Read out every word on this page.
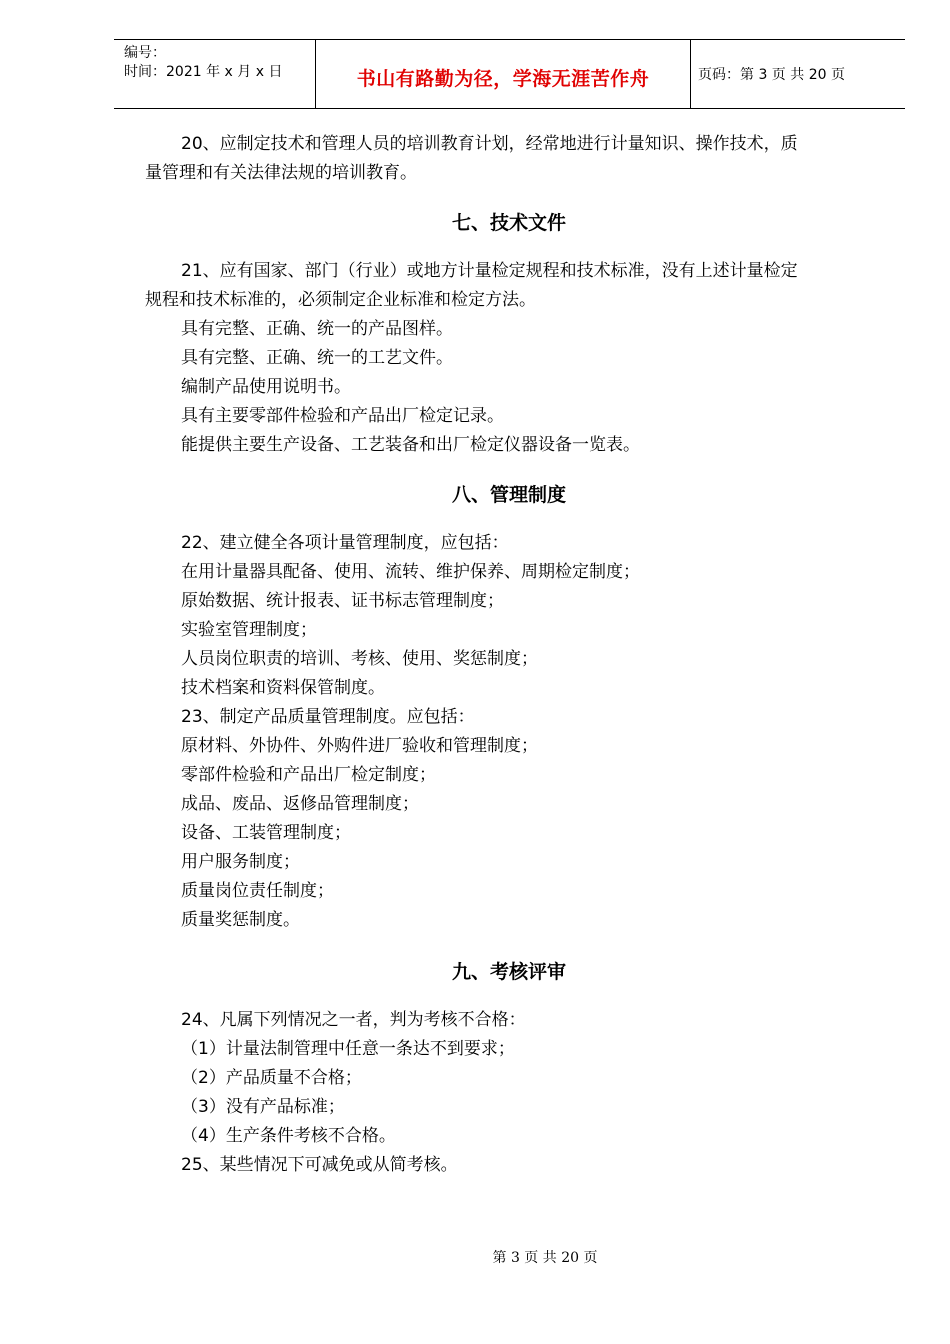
编号：
时间：2021 年 x 月 x 日	书山有路勤为径，学海无涯苦作舟	页码：第 3 页 共 20 页

20、应制定技术和管理人员的培训教育计划，经常地进行计量知识、操作技术，质

量管理和有关法律法规的培训教育。

七、技术文件

21、应有国家、部门（行业）或地方计量检定规程和技术标准，没有上述计量检定

规程和技术标准的，必须制定企业标准和检定方法。

具有完整、正确、统一的产品图样。

具有完整、正确、统一的工艺文件。

编制产品使用说明书。

具有主要零部件检验和产品出厂检定记录。

能提供主要生产设备、工艺装备和出厂检定仪器设备一览表。

八、管理制度

22、建立健全各项计量管理制度，应包括：

在用计量器具配备、使用、流转、维护保养、周期检定制度；

原始数据、统计报表、证书标志管理制度；

实验室管理制度；

人员岗位职责的培训、考核、使用、奖惩制度；

技术档案和资料保管制度。

23、制定产品质量管理制度。应包括：

原材料、外协件、外购件进厂验收和管理制度；

零部件检验和产品出厂检定制度；

成品、废品、返修品管理制度；

设备、工装管理制度；

用户服务制度；

质量岗位责任制度；

质量奖惩制度。

九、考核评审

24、凡属下列情况之一者，判为考核不合格：

（1）计量法制管理中任意一条达不到要求；

（2）产品质量不合格；

（3）没有产品标准；

（4）生产条件考核不合格。

25、某些情况下可减免或从简考核。

第 3 页 共 20 页
